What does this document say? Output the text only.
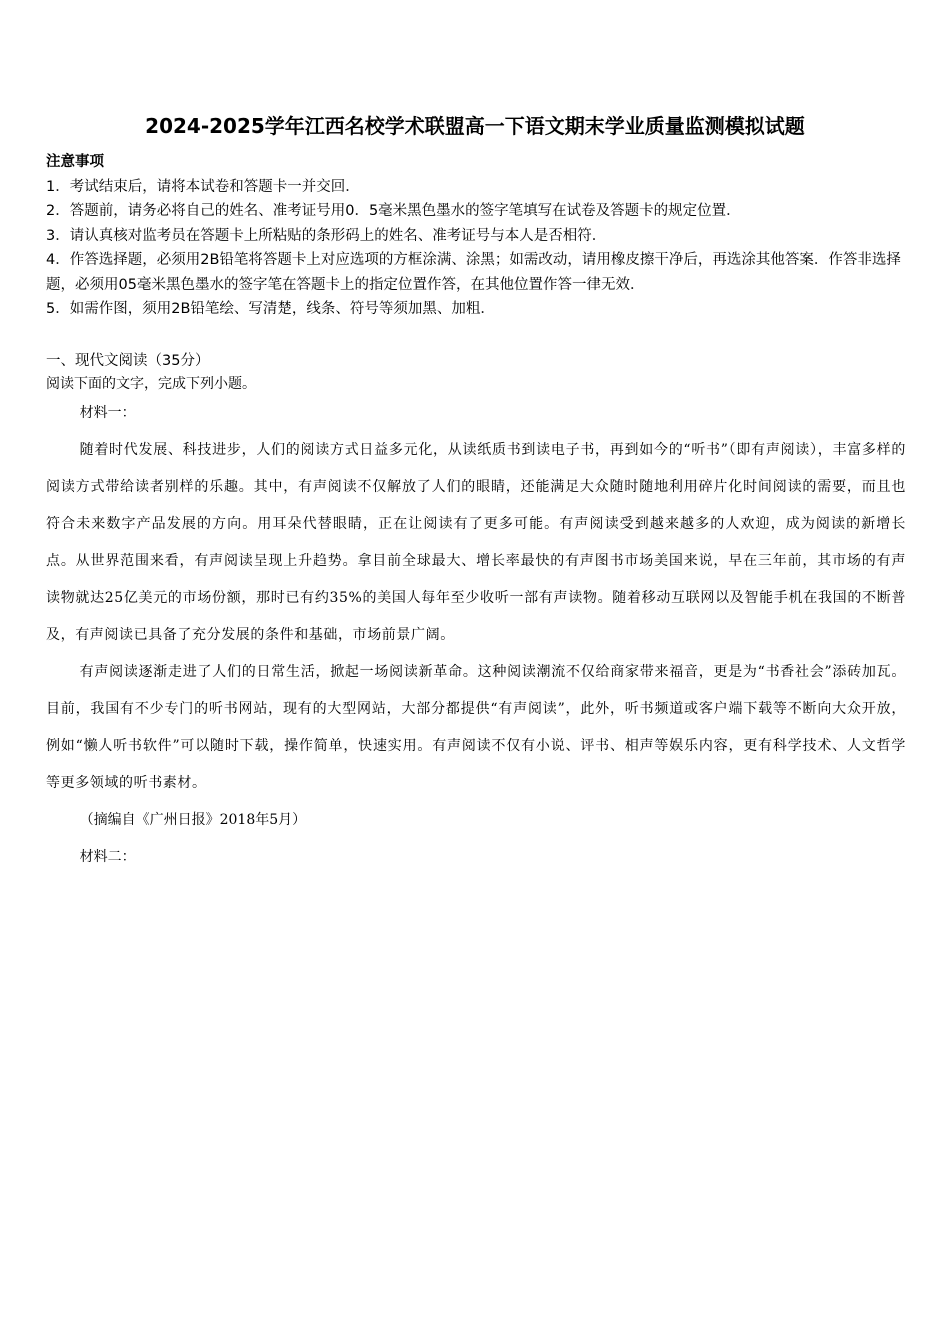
2024-2025学年江西名校学术联盟高一下语文期末学业质量监测模拟试题

注意事项

1．考试结束后，请将本试卷和答题卡一并交回．

2．答题前，请务必将自己的姓名、准考证号用0．5毫米黑色墨水的签字笔填写在试卷及答题卡的规定位置．

3．请认真核对监考员在答题卡上所粘贴的条形码上的姓名、准考证号与本人是否相符．

4．作答选择题，必须用2B铅笔将答题卡上对应选项的方框涂满、涂黑；如需改动，请用橡皮擦干净后，再选涂其他答案．作答非选择题，必须用05毫米黑色墨水的签字笔在答题卡上的指定位置作答，在其他位置作答一律无效．

5．如需作图，须用2B铅笔绘、写清楚，线条、符号等须加黑、加粗．

一、现代文阅读（35分）

阅读下面的文字，完成下列小题。

材料一：

随着时代发展、科技进步，人们的阅读方式日益多元化，从读纸质书到读电子书，再到如今的“听书”（即有声阅读），丰富多样的阅读方式带给读者别样的乐趣。其中，有声阅读不仅解放了人们的眼睛，还能满足大众随时随地利用碎片化时间阅读的需要，而且也符合未来数字产品发展的方向。用耳朵代替眼睛，正在让阅读有了更多可能。有声阅读受到越来越多的人欢迎，成为阅读的新增长点。从世界范围来看，有声阅读呈现上升趋势。拿目前全球最大、增长率最快的有声图书市场美国来说，早在三年前，其市场的有声读物就达25亿美元的市场份额，那时已有约35%的美国人每年至少收听一部有声读物。随着移动互联网以及智能手机在我国的不断普及，有声阅读已具备了充分发展的条件和基础，市场前景广阔。

有声阅读逐渐走进了人们的日常生活，掀起一场阅读新革命。这种阅读潮流不仅给商家带来福音，更是为“书香社会”添砖加瓦。目前，我国有不少专门的听书网站，现有的大型网站，大部分都提供“有声阅读”，此外，听书频道或客户端下载等不断向大众开放，例如“懒人听书软件”可以随时下载，操作简单，快速实用。有声阅读不仅有小说、评书、相声等娱乐内容，更有科学技术、人文哲学等更多领域的听书素材。

（摘编自《广州日报》2018年5月）

材料二：
